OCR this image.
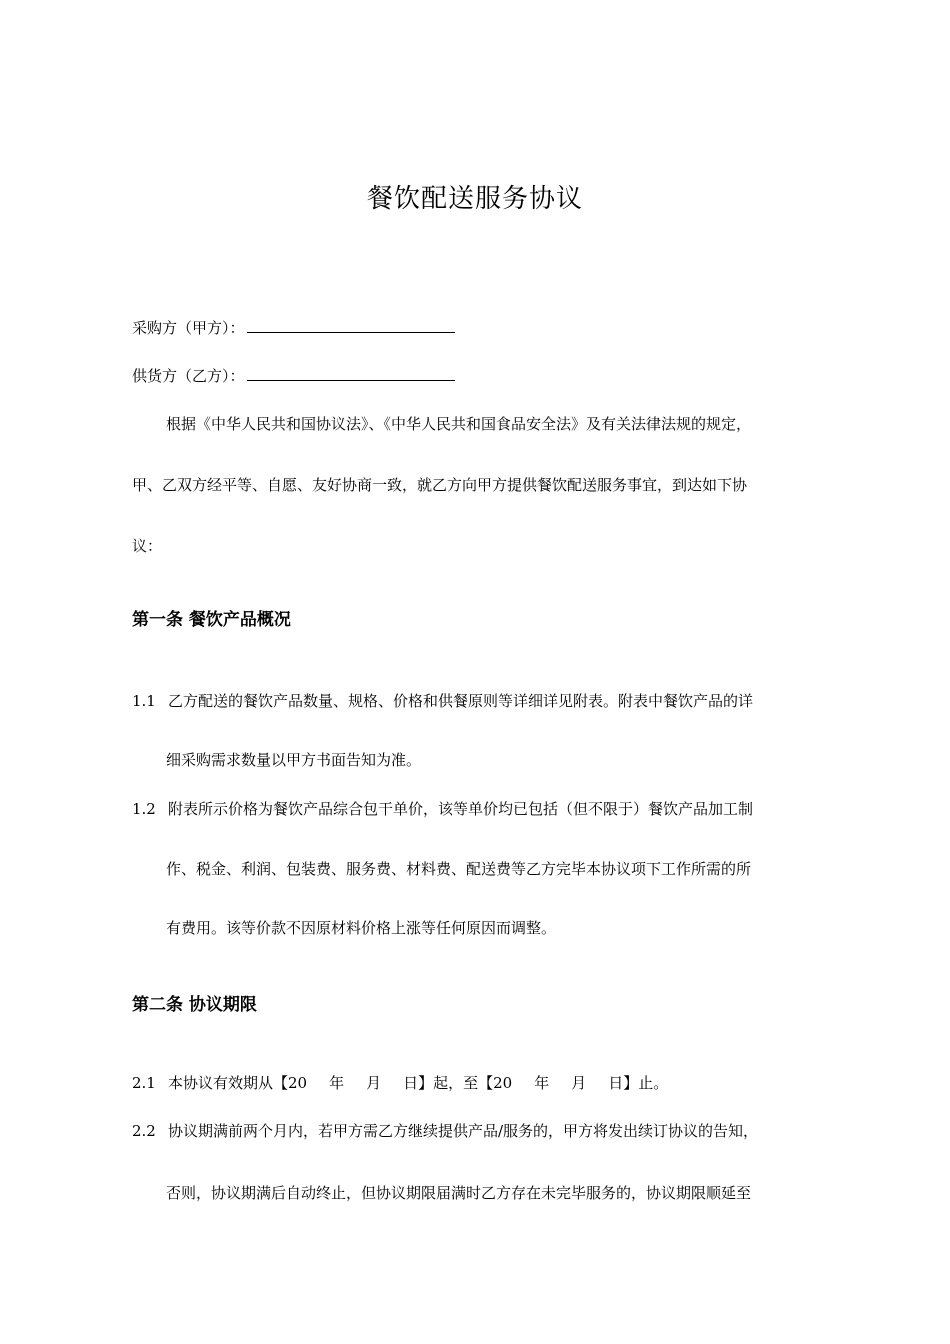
餐饮配送服务协议
采购方（甲方）：
供货方（乙方）：
根据《中华人民共和国协议法》、《中华人民共和国食品安全法》及有关法律法规的规定，
甲、乙双方经平等、自愿、友好协商一致，就乙方向甲方提供餐饮配送服务事宜，到达如下协
议：
第一条 餐饮产品概况
1.1 乙方配送的餐饮产品数量、规格、价格和供餐原则等详细详见附表。附表中餐饮产品的详
细采购需求数量以甲方书面告知为准。
1.2 附表所示价格为餐饮产品综合包干单价，该等单价均已包括（但不限于）餐饮产品加工制
作、税金、利润、包装费、服务费、材料费、配送费等乙方完毕本协议项下工作所需的所
有费用。该等价款不因原材料价格上涨等任何原因而调整。
第二条 协议期限
2.1 本协议有效期从【20 年 月 日】起，至【20 年 月 日】止。
2.2 协议期满前两个月内，若甲方需乙方继续提供产品/服务的，甲方将发出续订协议的告知，
否则，协议期满后自动终止，但协议期限届满时乙方存在未完毕服务的，协议期限顺延至
